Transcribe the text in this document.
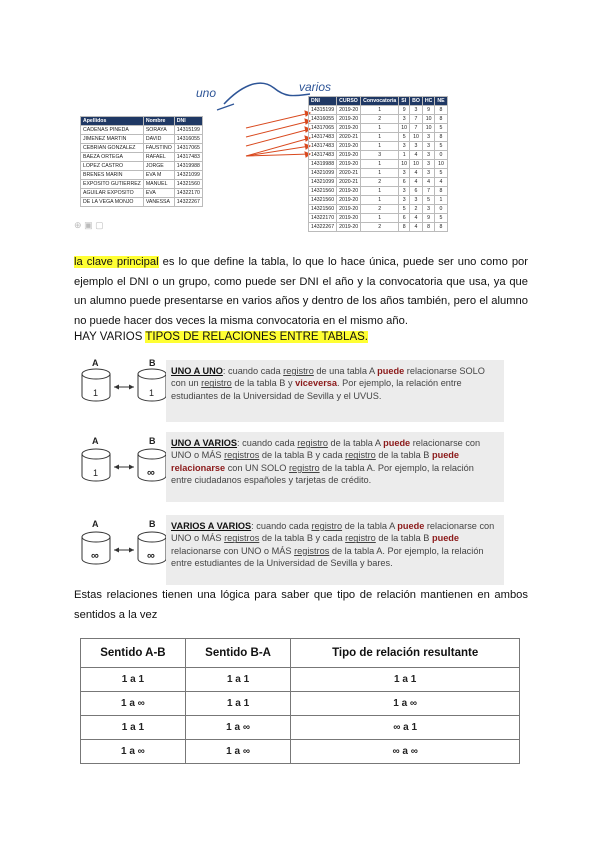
uno	varios
Apellidos	Nombre	DNI
CADENAS PINEDA	SORAYA	14315199
JIMENEZ MARTIN	DAVID	14316055
CEBRIAN GONZALEZ	FAUSTINO	14317065
BAEZA ORTEGA	RAFAEL	14317483
LOPEZ CASTRO	JORGE	14319988
BRENES MARIN	EVA M	14321099
EXPOSITO GUTIERREZ	MANUEL	14321560
AGUILAR EXPOSITO	EVA	14322170
DE LA VEGA MONJO	VANESSA	14322267
DNI	CURSO	Convocatoria	SI	BO	HC	NE
14315199	2019-20	1	9	3	9	8
14316055	2019-20	2	3	7	10	8
14317065	2019-20	1	10	7	10	5
14317483	2020-21	1	5	10	3	8
14317483	2019-20	1	3	3	3	5
14317483	2019-20	3	1	4	3	0
14319988	2019-20	1	10	10	3	10
14321099	2020-21	1	3	4	3	5
14321099	2020-21	2	6	4	4	4
14321560	2019-20	1	3	6	7	8
14321560	2019-20	1	3	3	5	1
14321560	2019-20	2	5	2	3	0
14322170	2019-20	1	6	4	9	5
14322267	2019-20	2	8	4	8	8
⊕ ▣ ▢
la clave principal es lo que define la tabla, lo que lo hace única, puede ser uno como por ejemplo el DNI o un grupo, como puede ser DNI el año y la convocatoria que usa, ya que un alumno puede presentarse en varios años y dentro de los años también, pero el alumno no puede hacer dos veces la misma convocatoria en el mismo año.
HAY VARIOS TIPOS DE RELACIONES ENTRE TABLAS.
A	B
1	1
UNO A UNO: cuando cada registro de una tabla A puede relacionarse SOLO con un registro de la tabla B y viceversa. Por ejemplo, la relación entre estudiantes de la Universidad de Sevilla y el UVUS.
A	B
1	∞
UNO A VARIOS: cuando cada registro de la tabla A puede relacionarse con UNO o MÁS registros de la tabla B y cada registro de la tabla B puede relacionarse con UN SOLO registro de la tabla A. Por ejemplo, la relación entre ciudadanos españoles y tarjetas de crédito.
A	B
∞	∞
VARIOS A VARIOS: cuando cada registro de la tabla A puede relacionarse con UNO o MÁS registros de la tabla B y cada registro de la tabla B puede relacionarse con UNO o MÁS registros de la tabla A. Por ejemplo, la relación entre estudiantes de la Universidad de Sevilla y bares.
Estas relaciones tienen una lógica para saber que tipo de relación mantienen en ambos sentidos a la vez
Sentido A-B	Sentido B-A	Tipo de relación resultante
1 a 1	1 a 1	1 a 1
1 a ∞	1 a 1	1 a ∞
1 a 1	1 a ∞	∞ a 1
1 a ∞	1 a ∞	∞ a ∞
